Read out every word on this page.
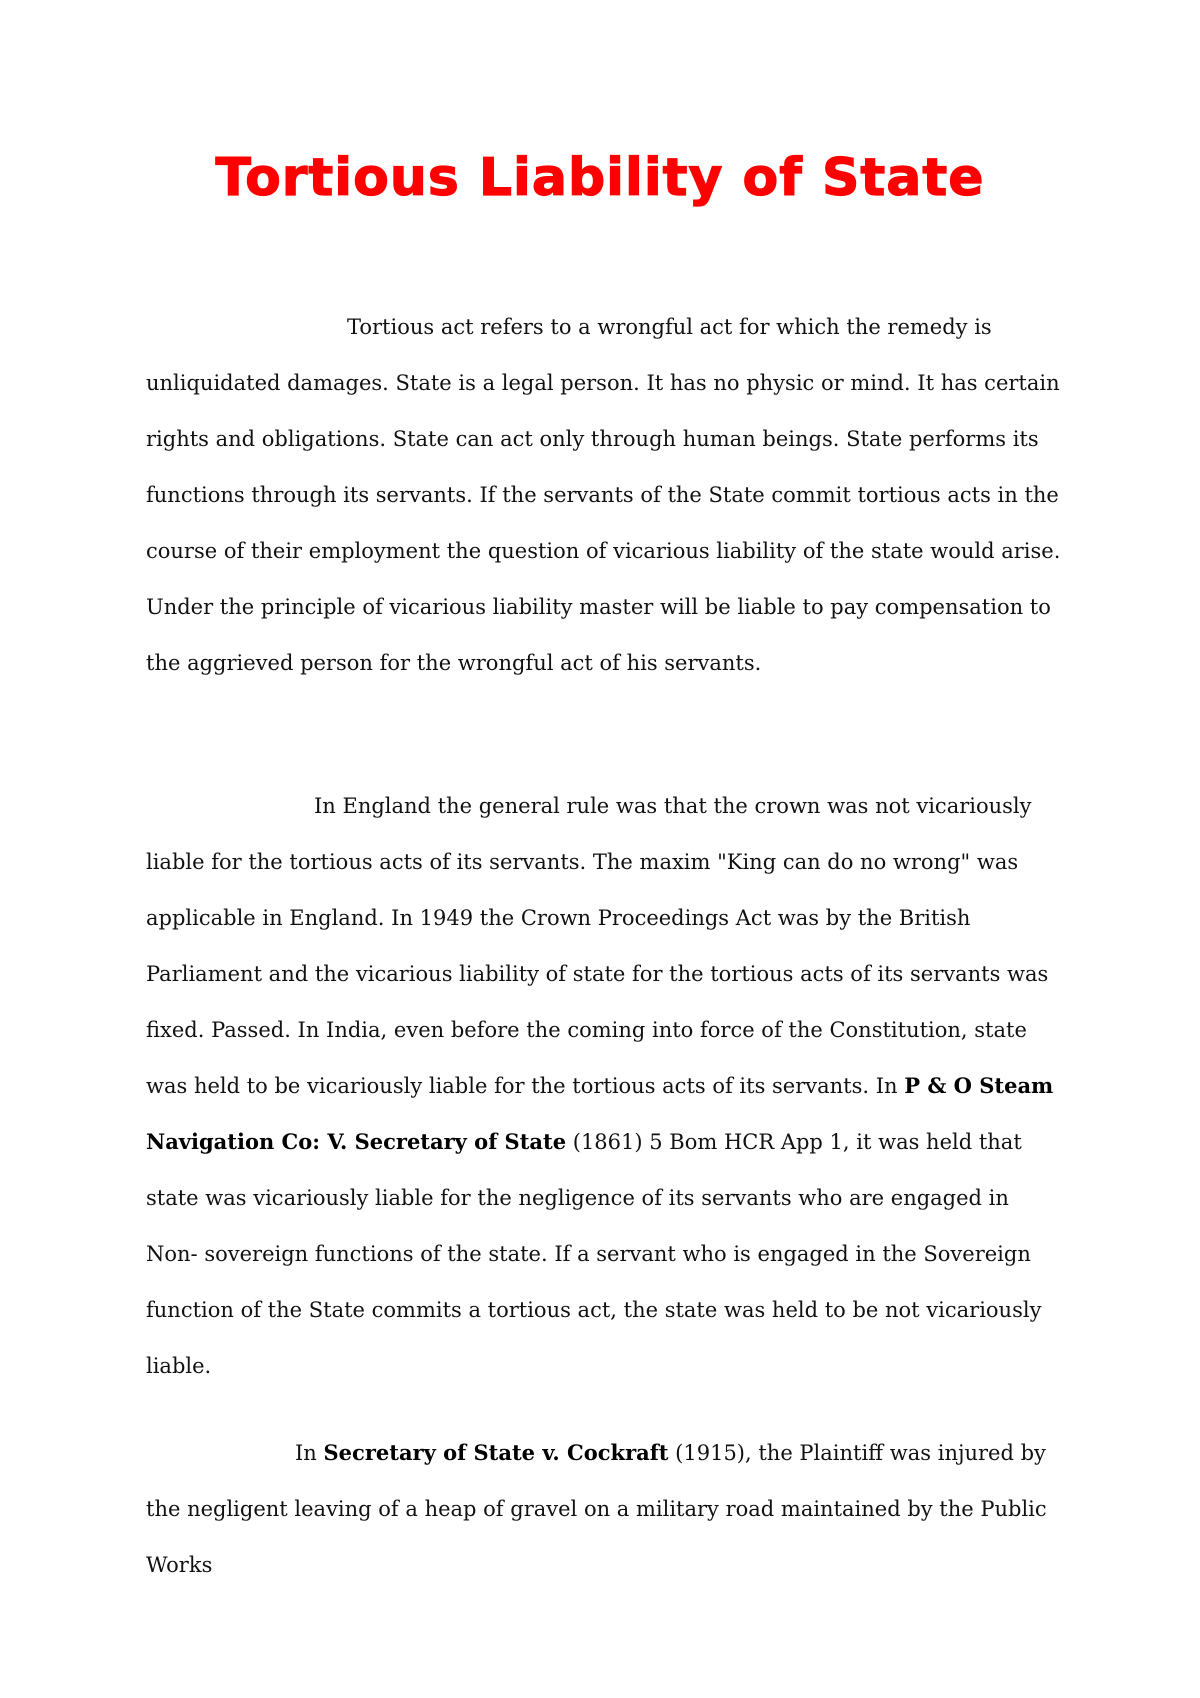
Tortious Liability of State

Tortious act refers to a wrongful act for which the remedy is unliquidated damages. State is a legal person. It has no physic or mind. It has certain rights and obligations. State can act only through human beings. State performs its functions through its servants. If the servants of the State commit tortious acts in the course of their employment the question of vicarious liability of the state would arise. Under the principle of vicarious liability master will be liable to pay compensation to the aggrieved person for the wrongful act of his servants.

In England the general rule was that the crown was not vicariously liable for the tortious acts of its servants. The maxim "King can do no wrong" was applicable in England. In 1949 the Crown Proceedings Act was by the British Parliament and the vicarious liability of state for the tortious acts of its servants was fixed. Passed. In India, even before the coming into force of the Constitution, state was held to be vicariously liable for the tortious acts of its servants. In P & O Steam Navigation Co: V. Secretary of State (1861) 5 Bom HCR App 1, it was held that state was vicariously liable for the negligence of its servants who are engaged in Non- sovereign functions of the state. If a servant who is engaged in the Sovereign function of the State commits a tortious act, the state was held to be not vicariously liable.

In Secretary of State v. Cockraft (1915), the Plaintiff was injured by the negligent leaving of a heap of gravel on a military road maintained by the Public Works
